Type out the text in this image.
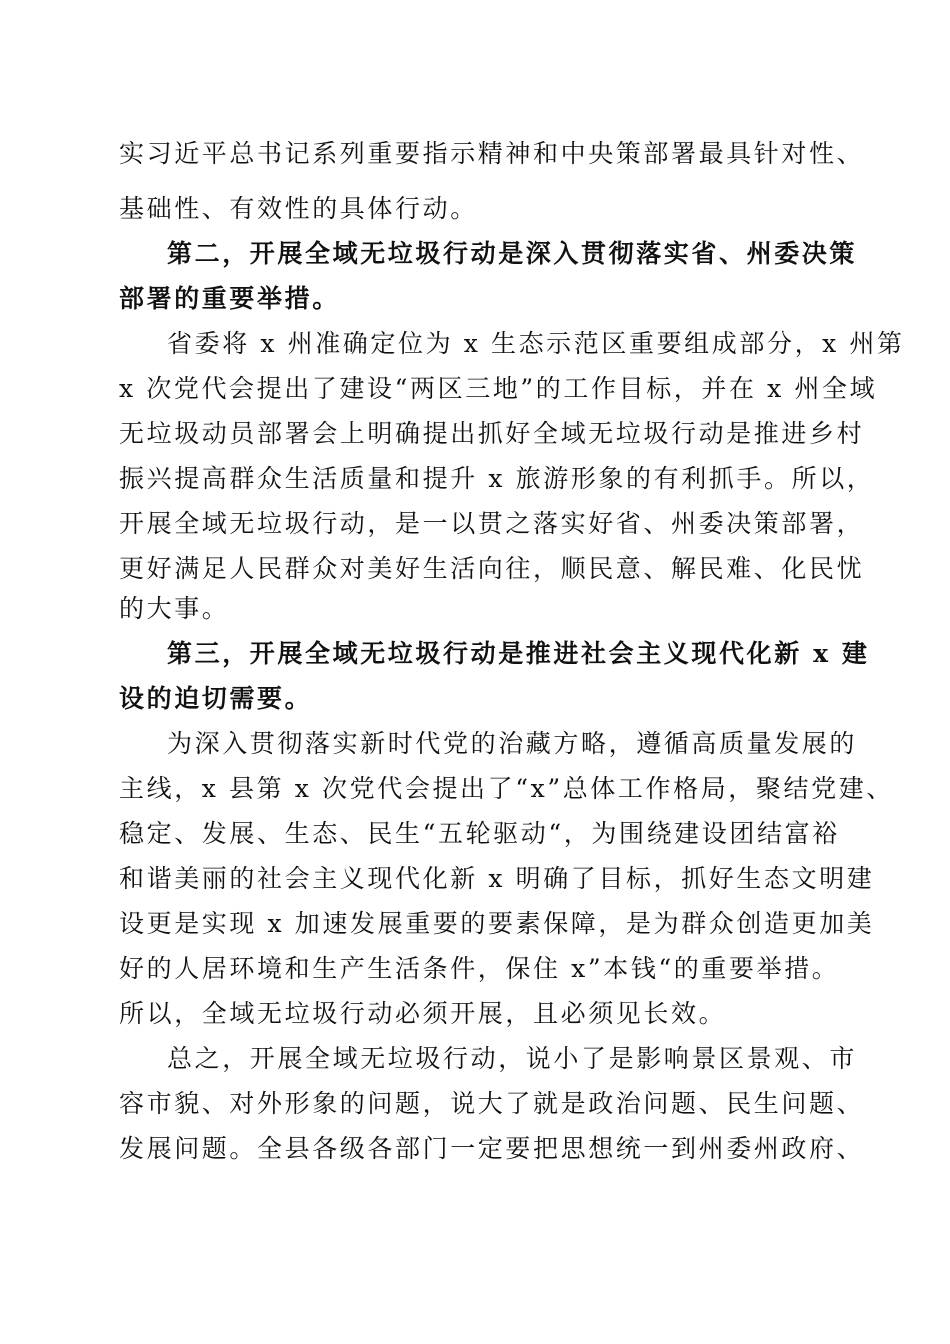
实习近平总书记系列重要指示精神和中央策部署最具针对性、
基础性、有效性的具体行动。
第二，开展全域无垃圾行动是深入贯彻落实省、州委决策
部署的重要举措。
省委将 x 州准确定位为 x 生态示范区重要组成部分，x 州第
x 次党代会提出了建设“两区三地”的工作目标，并在 x 州全域
无垃圾动员部署会上明确提出抓好全域无垃圾行动是推进乡村
振兴提高群众生活质量和提升 x 旅游形象的有利抓手。所以，
开展全域无垃圾行动，是一以贯之落实好省、州委决策部署，
更好满足人民群众对美好生活向往，顺民意、解民难、化民忧
的大事。
第三，开展全域无垃圾行动是推进社会主义现代化新 x 建
设的迫切需要。
为深入贯彻落实新时代党的治藏方略，遵循高质量发展的
主线，x 县第 x 次党代会提出了“x”总体工作格局，聚结党建、
稳定、发展、生态、民生“五轮驱动“，为围绕建设团结富裕
和谐美丽的社会主义现代化新 x 明确了目标，抓好生态文明建
设更是实现 x 加速发展重要的要素保障，是为群众创造更加美
好的人居环境和生产生活条件，保住 x”本钱“的重要举措。
所以，全域无垃圾行动必须开展，且必须见长效。
总之，开展全域无垃圾行动，说小了是影响景区景观、市
容市貌、对外形象的问题，说大了就是政治问题、民生问题、
发展问题。全县各级各部门一定要把思想统一到州委州政府、
